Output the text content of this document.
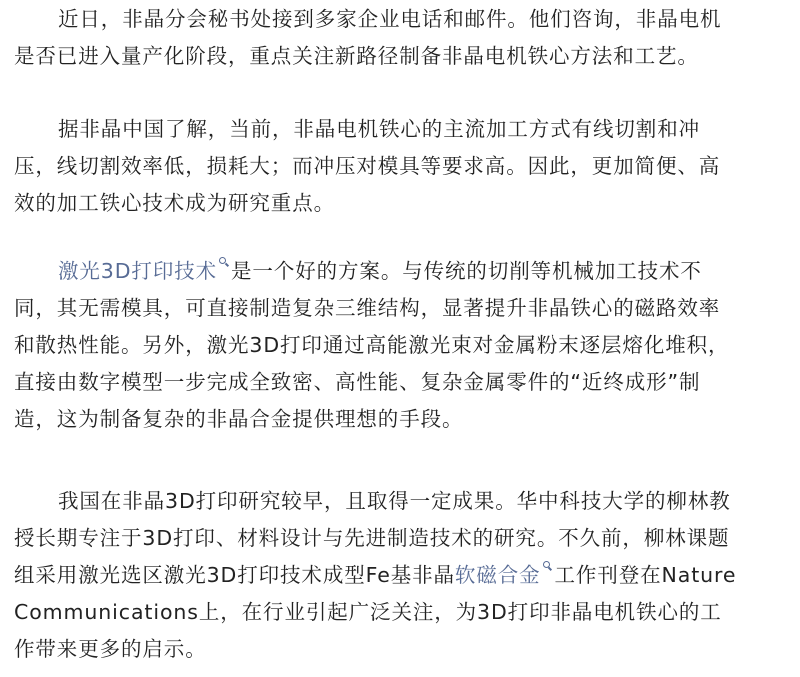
近日，非晶分会秘书处接到多家企业电话和邮件。他们咨询，非晶电机
是否已进入量产化阶段，重点关注新路径制备非晶电机铁心方法和工艺。
据非晶中国了解，当前，非晶电机铁心的主流加工方式有线切割和冲
压，线切割效率低，损耗大；而冲压对模具等要求高。因此，更加简便、高
效的加工铁心技术成为研究重点。
激光3D打印技术 是一个好的方案。与传统的切削等机械加工技术不
同，其无需模具，可直接制造复杂三维结构，显著提升非晶铁心的磁路效率
和散热性能。另外，激光3D打印通过高能激光束对金属粉末逐层熔化堆积，
直接由数字模型一步完成全致密、高性能、复杂金属零件的“近终成形”制
造，这为制备复杂的非晶合金提供理想的手段。
我国在非晶3D打印研究较早，且取得一定成果。华中科技大学的柳林教
授长期专注于3D打印、材料设计与先进制造技术的研究。不久前，柳林课题
组采用激光选区激光3D打印技术成型Fe基非晶软磁合金 工作刊登在Nature
Communications上，在行业引起广泛关注，为3D打印非晶电机铁心的工
作带来更多的启示。
